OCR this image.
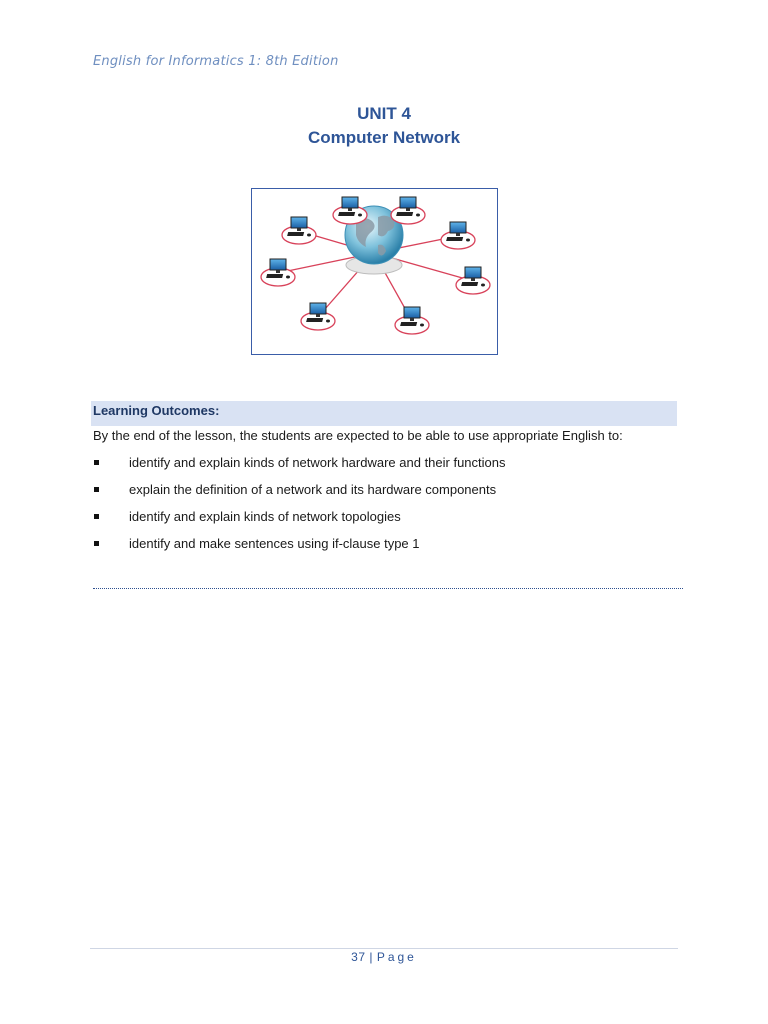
English for Informatics 1: 8th Edition
UNIT 4
Computer Network
Learning Outcomes:
By the end of the lesson, the students are expected to be able to use appropriate English to:
identify and explain kinds of network hardware and their functions
explain the definition of a network and its hardware components
identify and explain kinds of network topologies
identify and make sentences using if-clause type 1
37 | Page
